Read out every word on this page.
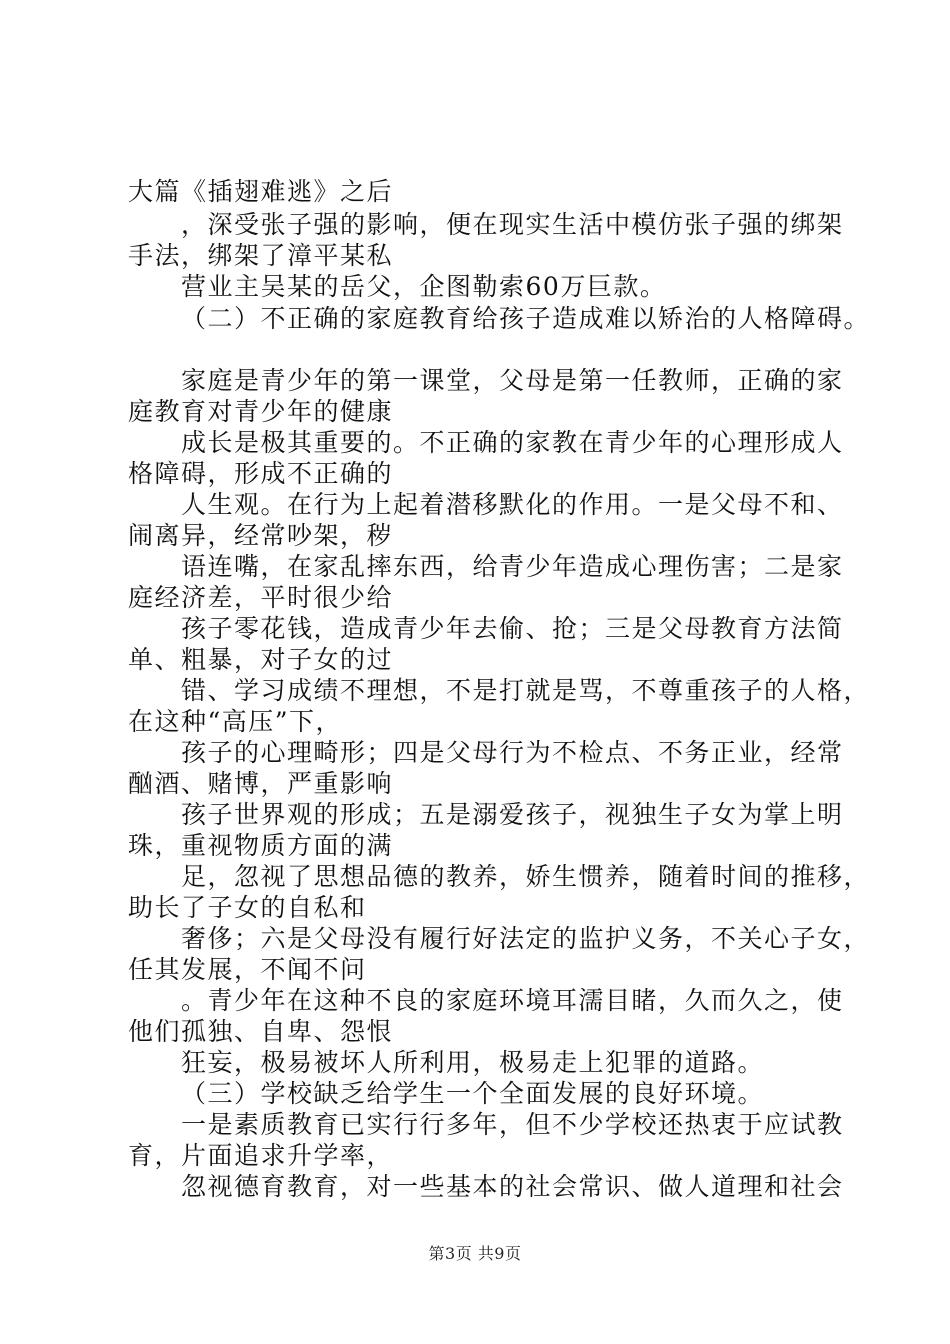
大篇《插翅难逃》之后
，深受张子强的影响，便在现实生活中模仿张子强的绑架
手法，绑架了漳平某私
营业主吴某的岳父，企图勒索60万巨款。
（二）不正确的家庭教育给孩子造成难以矫治的人格障碍。
家庭是青少年的第一课堂，父母是第一任教师，正确的家
庭教育对青少年的健康
成长是极其重要的。不正确的家教在青少年的心理形成人
格障碍，形成不正确的
人生观。在行为上起着潜移默化的作用。一是父母不和、
闹离异，经常吵架，秽
语连嘴，在家乱摔东西，给青少年造成心理伤害；二是家
庭经济差，平时很少给
孩子零花钱，造成青少年去偷、抢；三是父母教育方法简
单、粗暴，对子女的过
错、学习成绩不理想，不是打就是骂，不尊重孩子的人格，
在这种“高压”下，
孩子的心理畸形；四是父母行为不检点、不务正业，经常
酗酒、赌博，严重影响
孩子世界观的形成；五是溺爱孩子，视独生子女为掌上明
珠，重视物质方面的满
足，忽视了思想品德的教养，娇生惯养，随着时间的推移，
助长了子女的自私和
奢侈；六是父母没有履行好法定的监护义务，不关心子女，
任其发展，不闻不问
。青少年在这种不良的家庭环境耳濡目睹，久而久之，使
他们孤独、自卑、怨恨
狂妄，极易被坏人所利用，极易走上犯罪的道路。
（三）学校缺乏给学生一个全面发展的良好环境。
一是素质教育已实行行多年，但不少学校还热衷于应试教
育，片面追求升学率，
忽视德育教育，对一些基本的社会常识、做人道理和社会
第3页 共9页
